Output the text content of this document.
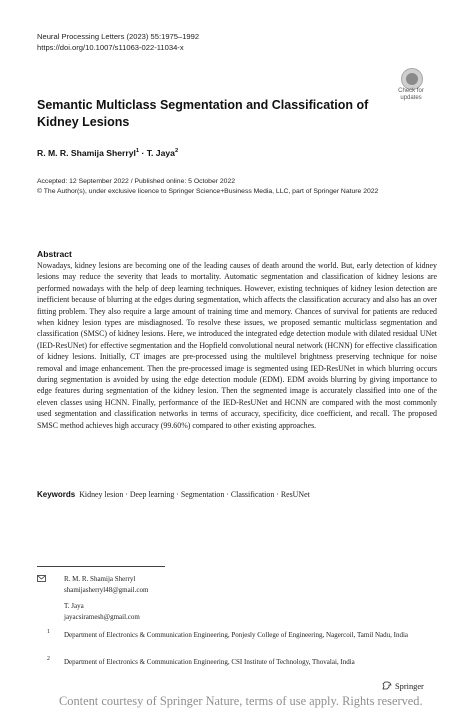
Neural Processing Letters (2023) 55:1975–1992
https://doi.org/10.1007/s11063-022-11034-x
Check for
updates
Semantic Multiclass Segmentation and Classification of Kidney Lesions
R. M. R. Shamija Sherryl$^1$ · T. Jaya$^2$
Accepted: 12 September 2022 / Published online: 5 October 2022
© The Author(s), under exclusive licence to Springer Science+Business Media, LLC, part of Springer Nature 2022
Abstract
Nowadays, kidney lesions are becoming one of the leading causes of death around the world. But, early detection of kidney lesions may reduce the severity that leads to mortality. Automatic segmentation and classification of kidney lesions are performed nowadays with the help of deep learning techniques. However, existing techniques of kidney lesion detection are inefficient because of blurring at the edges during segmentation, which affects the classification accuracy and also has an over fitting problem. They also require a large amount of training time and memory. Chances of survival for patients are reduced when kidney lesion types are misdiagnosed. To resolve these issues, we proposed semantic multiclass segmentation and classification (SMSC) of kidney lesions. Here, we introduced the integrated edge detection module with dilated residual UNet (IED-ResUNet) for effective segmentation and the Hopfield convolutional neural network (HCNN) for effective classification of kidney lesions. Initially, CT images are pre-processed using the multilevel brightness preserving technique for noise removal and image enhancement. Then the pre-processed image is segmented using IED-ResUNet in which blurring occurs during segmentation is avoided by using the edge detection module (EDM). EDM avoids blurring by giving importance to edge features during segmentation of the kidney lesion. Then the segmented image is accurately classified into one of the eleven classes using HCNN. Finally, performance of the IED-ResUNet and HCNN are compared with the most commonly used segmentation and classification networks in terms of accuracy, specificity, dice coefficient, and recall. The proposed SMSC method achieves high accuracy (99.60%) compared to other existing approaches.
Keywords Kidney lesion · Deep learning · Segmentation · Classification · ResUNet
R. M. R. Shamija Sherryl
shamijasherryl48@gmail.com
T. Jaya
jayacsiramesh@gmail.com
1 Department of Electronics & Communication Engineering, Ponjesly College of Engineering, Nagercoil, Tamil Nadu, India
2 Department of Electronics & Communication Engineering, CSI Institute of Technology, Thovalai, India
Springer
Content courtesy of Springer Nature, terms of use apply. Rights reserved.
